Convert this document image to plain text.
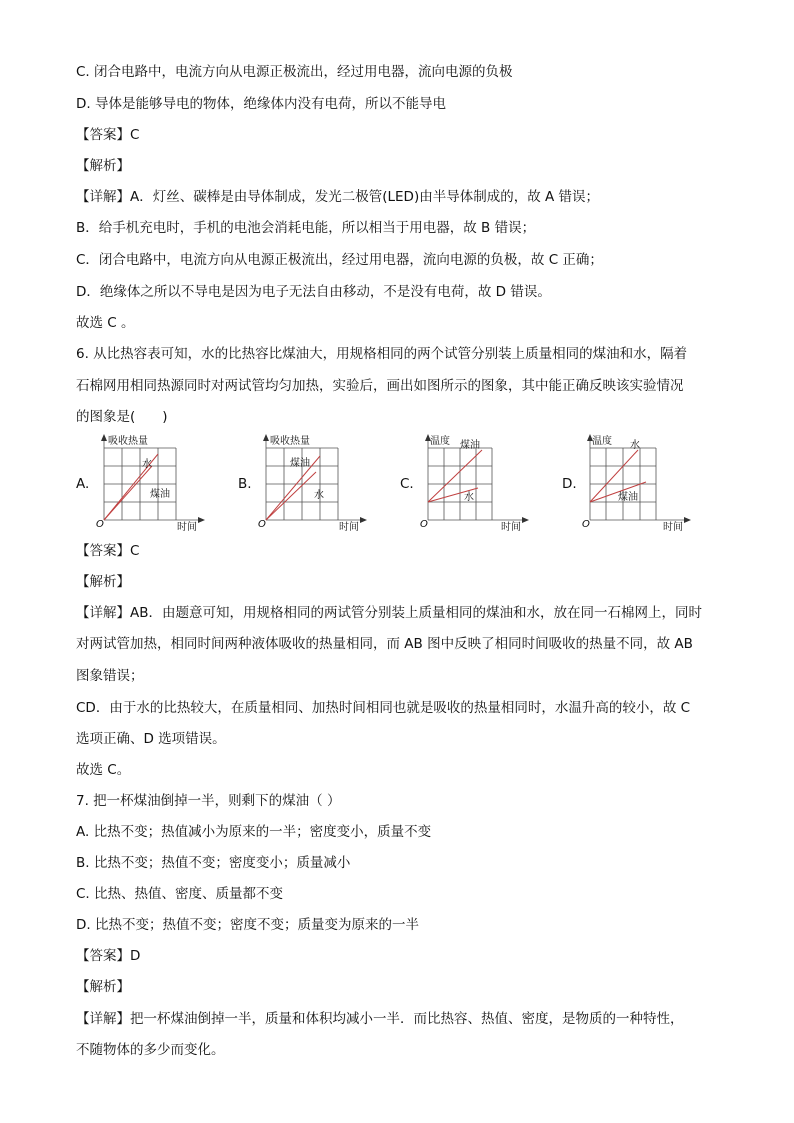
C. 闭合电路中，电流方向从电源正极流出，经过用电器，流向电源的负极
D. 导体是能够导电的物体，绝缘体内没有电荷，所以不能导电
【答案】C
【解析】
【详解】A．灯丝、碳棒是由导体制成，发光二极管(LED)由半导体制成的，故 A 错误；
B．给手机充电时，手机的电池会消耗电能，所以相当于用电器，故 B 错误；
C．闭合电路中，电流方向从电源正极流出，经过用电器，流向电源的负极，故 C 正确；
D．绝缘体之所以不导电是因为电子无法自由移动，不是没有电荷，故 D 错误。
故选 C 。
6. 从比热容表可知，水的比热容比煤油大，用规格相同的两个试管分别装上质量相同的煤油和水，隔着
石棉网用相同热源同时对两试管均匀加热，实验后，画出如图所示的图象，其中能正确反映该实验情况
的图象是(　　)
A.
吸收热量
时间
O
水
煤油
B.
吸收热量
时间
O
煤油
水
C.
温度
时间
O
煤油
水
D.
温度
时间
O
水
煤油
【答案】C
【解析】
【详解】AB．由题意可知，用规格相同的两试管分别装上质量相同的煤油和水，放在同一石棉网上，同时
对两试管加热，相同时间两种液体吸收的热量相同，而 AB 图中反映了相同时间吸收的热量不同，故 AB
图象错误；
CD．由于水的比热较大，在质量相同、加热时间相同也就是吸收的热量相同时，水温升高的较小，故 C
选项正确、D 选项错误。
故选 C。
7. 把一杯煤油倒掉一半，则剩下的煤油（ ）
A. 比热不变；热值减小为原来的一半；密度变小，质量不变
B. 比热不变；热值不变；密度变小；质量减小
C. 比热、热值、密度、质量都不变
D. 比热不变；热值不变；密度不变；质量变为原来的一半
【答案】D
【解析】
【详解】把一杯煤油倒掉一半，质量和体积均减小一半．而比热容、热值、密度，是物质的一种特性，
不随物体的多少而变化。
